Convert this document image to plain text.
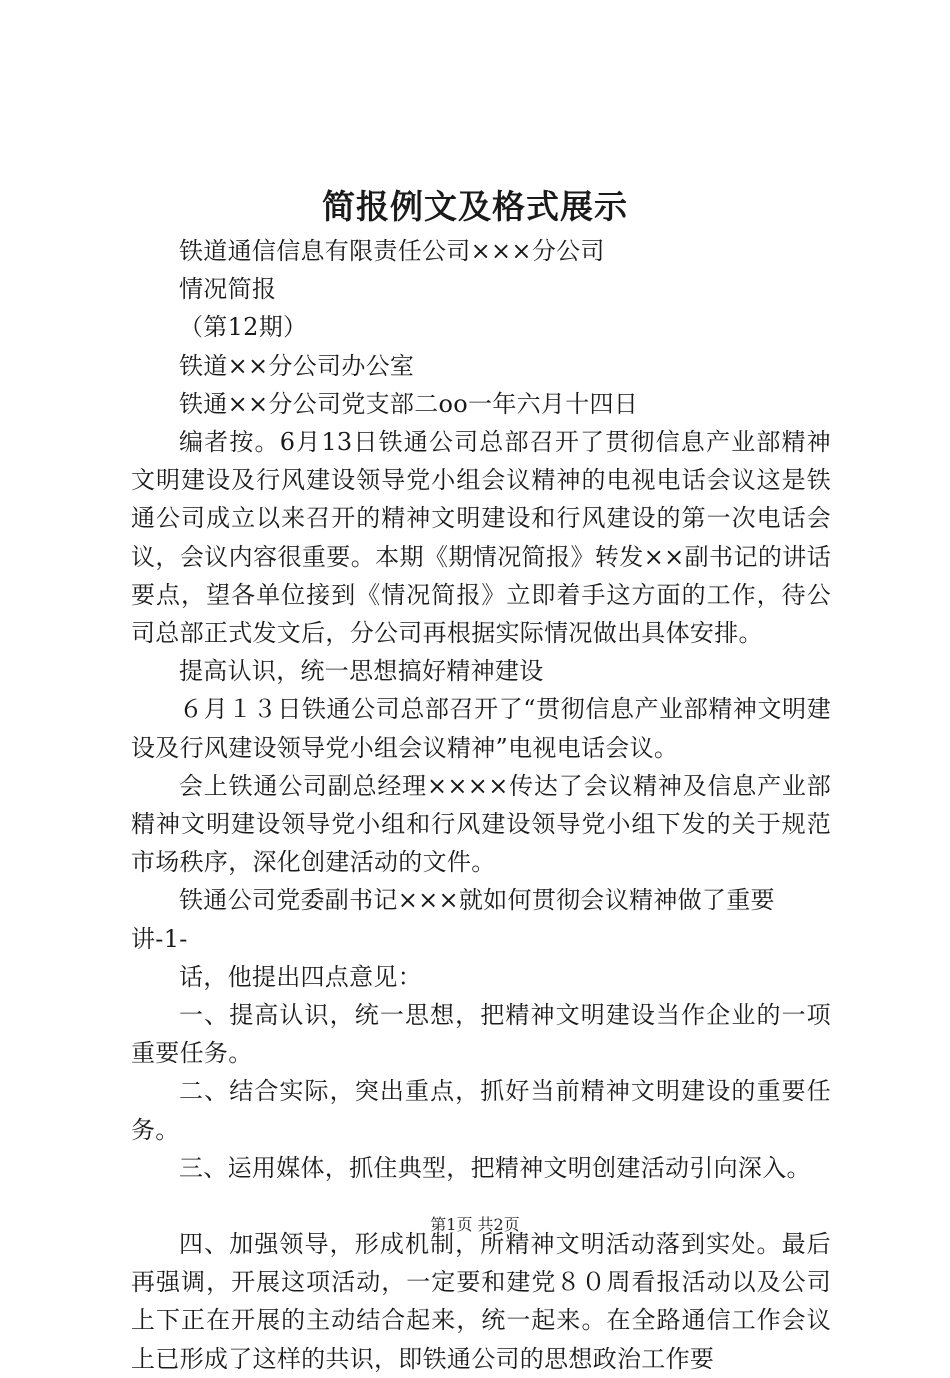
简报例文及格式展示

铁道通信信息有限责任公司×××分公司

情况简报

（第12期）

铁道××分公司办公室

铁通××分公司党支部二oo一年六月十四日

编者按。6月13日铁通公司总部召开了贯彻信息产业部精神文明建设及行风建设领导党小组会议精神的电视电话会议这是铁通公司成立以来召开的精神文明建设和行风建设的第一次电话会议，会议内容很重要。本期《期情况简报》转发××副书记的讲话要点，望各单位接到《情况简报》立即着手这方面的工作，待公司总部正式发文后，分公司再根据实际情况做出具体安排。

提高认识，统一思想搞好精神建设

６月１３日铁通公司总部召开了“贯彻信息产业部精神文明建设及行风建设领导党小组会议精神”电视电话会议。

会上铁通公司副总经理××××传达了会议精神及信息产业部精神文明建设领导党小组和行风建设领导党小组下发的关于规范市场秩序，深化创建活动的文件。

铁通公司党委副书记×××就如何贯彻会议精神做了重要

讲-1-

话，他提出四点意见：

一、提高认识，统一思想，把精神文明建设当作企业的一项重要任务。

二、结合实际，突出重点，抓好当前精神文明建设的重要任务。

三、运用媒体，抓住典型，把精神文明创建活动引向深入。

四、加强领导，形成机制，所精神文明活动落到实处。最后再强调，开展这项活动，一定要和建党８０周看报活动以及公司上下正在开展的主动结合起来，统一起来。在全路通信工作会议上已形成了这样的共识，即铁通公司的思想政治工作要

第1页 共2页
